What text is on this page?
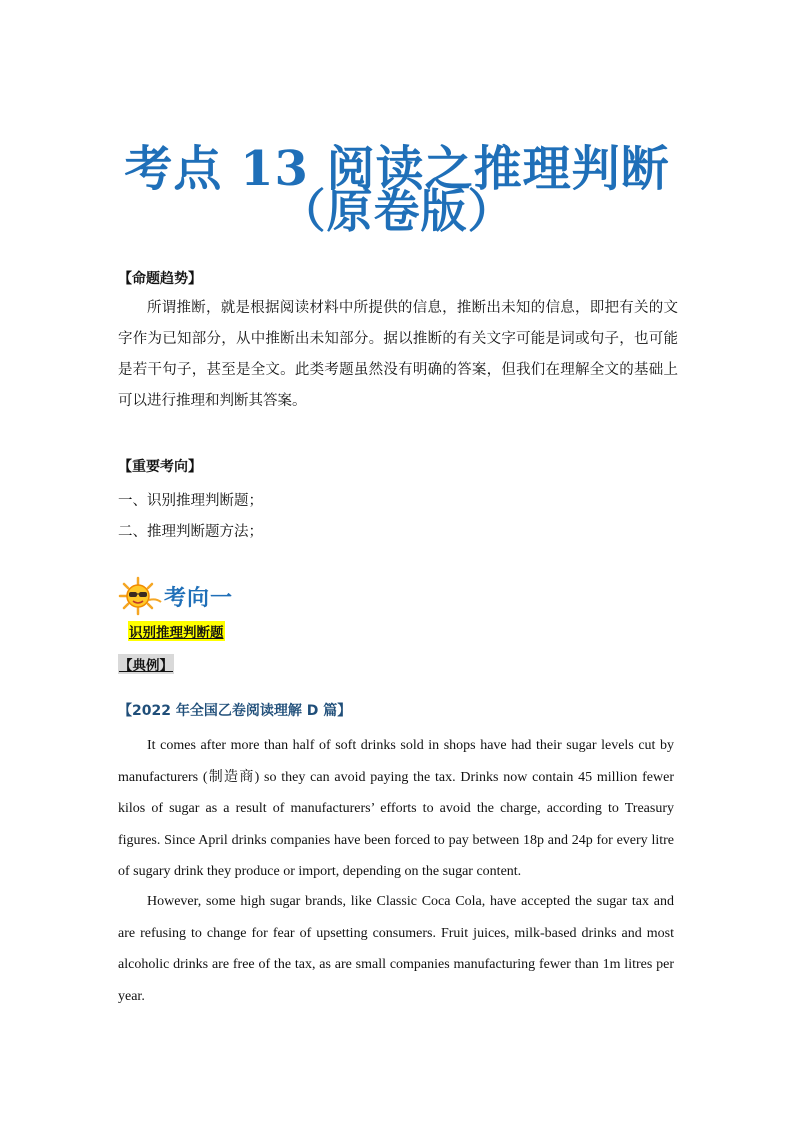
考点 13 阅读之推理判断
（原卷版）
【命题趋势】
所谓推断，就是根据阅读材料中所提供的信息，推断出未知的信息，即把有关的文字作为已知部分，从中推断出未知部分。据以推断的有关文字可能是词或句子，也可能是若干句子，甚至是全文。此类考题虽然没有明确的答案，但我们在理解全文的基础上可以进行推理和判断其答案。
【重要考向】
一、识别推理判断题；
二、推理判断题方法；
考向一
识别推理判断题
【典例】
【2022 年全国乙卷阅读理解 D 篇】
It comes after more than half of soft drinks sold in shops have had their sugar levels cut by manufacturers (制造商) so they can avoid paying the tax. Drinks now contain 45 million fewer kilos of sugar as a result of manufacturers’ efforts to avoid the charge, according to Treasury figures. Since April drinks companies have been forced to pay between 18p and 24p for every litre of sugary drink they produce or import, depending on the sugar content.
However, some high sugar brands, like Classic Coca Cola, have accepted the sugar tax and are refusing to change for fear of upsetting consumers. Fruit juices, milk-based drinks and most alcoholic drinks are free of the tax, as are small companies manufacturing fewer than 1m litres per year.
